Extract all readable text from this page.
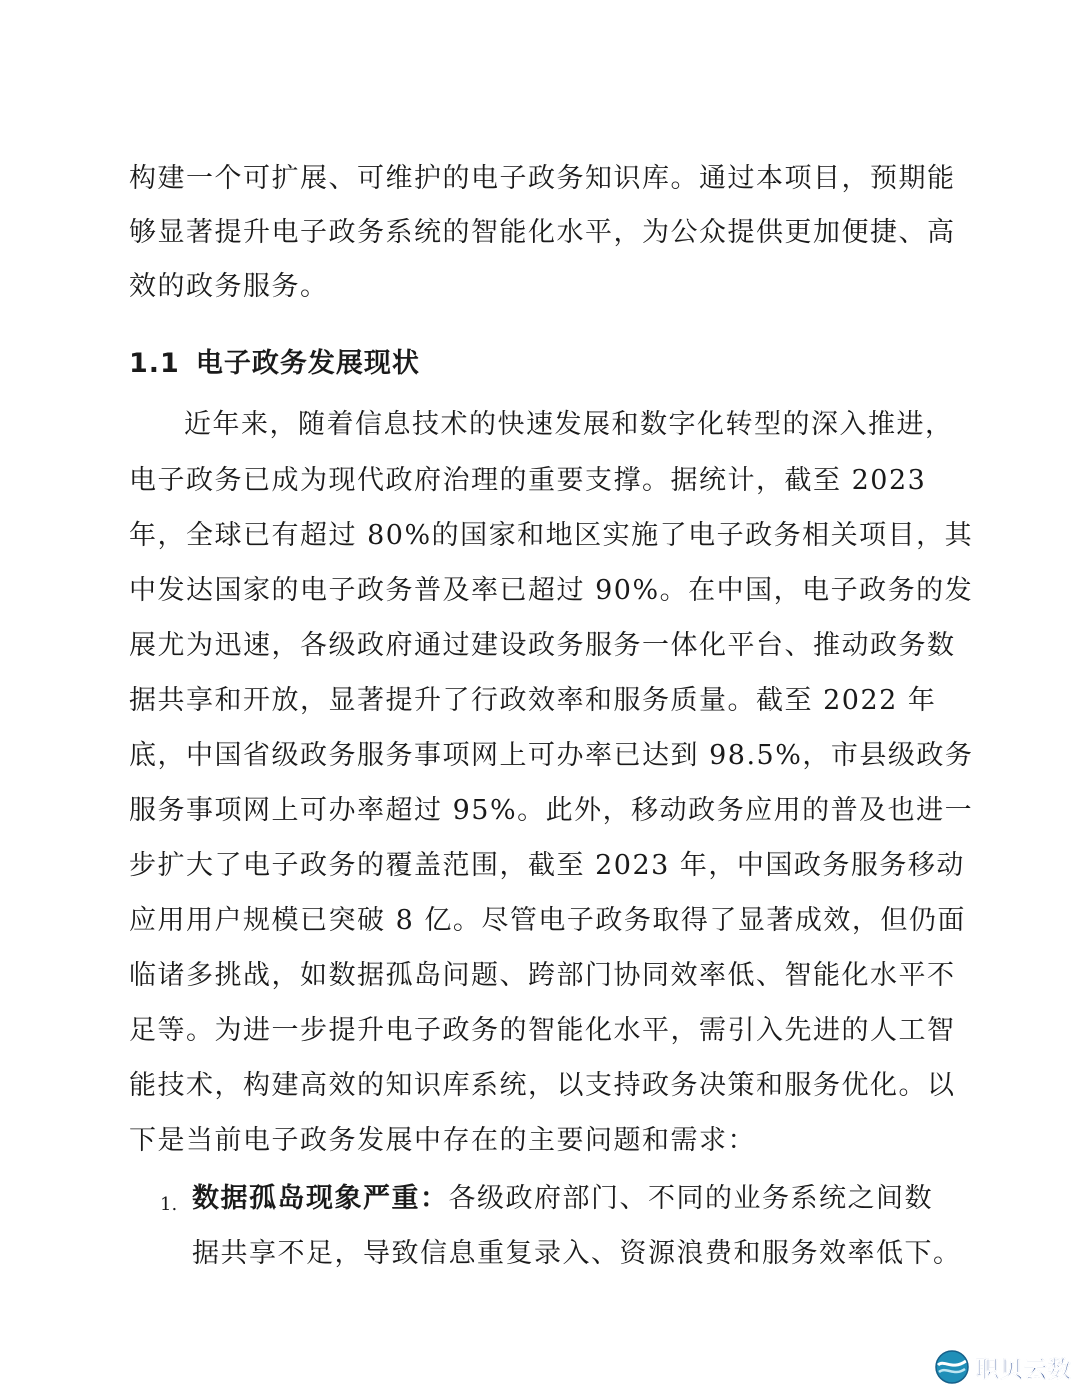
构建一个可扩展、可维护的电子政务知识库。通过本项目，预期能
够显著提升电子政务系统的智能化水平，为公众提供更加便捷、高
效的政务服务。
1.1 电子政务发展现状
近年来，随着信息技术的快速发展和数字化转型的深入推进，
电子政务已成为现代政府治理的重要支撑。据统计，截至 2023
年，全球已有超过 80%的国家和地区实施了电子政务相关项目，其
中发达国家的电子政务普及率已超过 90%。在中国，电子政务的发
展尤为迅速，各级政府通过建设政务服务一体化平台、推动政务数
据共享和开放，显著提升了行政效率和服务质量。截至 2022 年
底，中国省级政务服务事项网上可办率已达到 98.5%，市县级政务
服务事项网上可办率超过 95%。此外，移动政务应用的普及也进一
步扩大了电子政务的覆盖范围，截至 2023 年，中国政务服务移动
应用用户规模已突破 8 亿。尽管电子政务取得了显著成效，但仍面
临诸多挑战，如数据孤岛问题、跨部门协同效率低、智能化水平不
足等。为进一步提升电子政务的智能化水平，需引入先进的人工智
能技术，构建高效的知识库系统，以支持政务决策和服务优化。以
下是当前电子政务发展中存在的主要问题和需求：
1. 数据孤岛现象严重：各级政府部门、不同的业务系统之间数
据共享不足，导致信息重复录入、资源浪费和服务效率低下。
职贝云数
